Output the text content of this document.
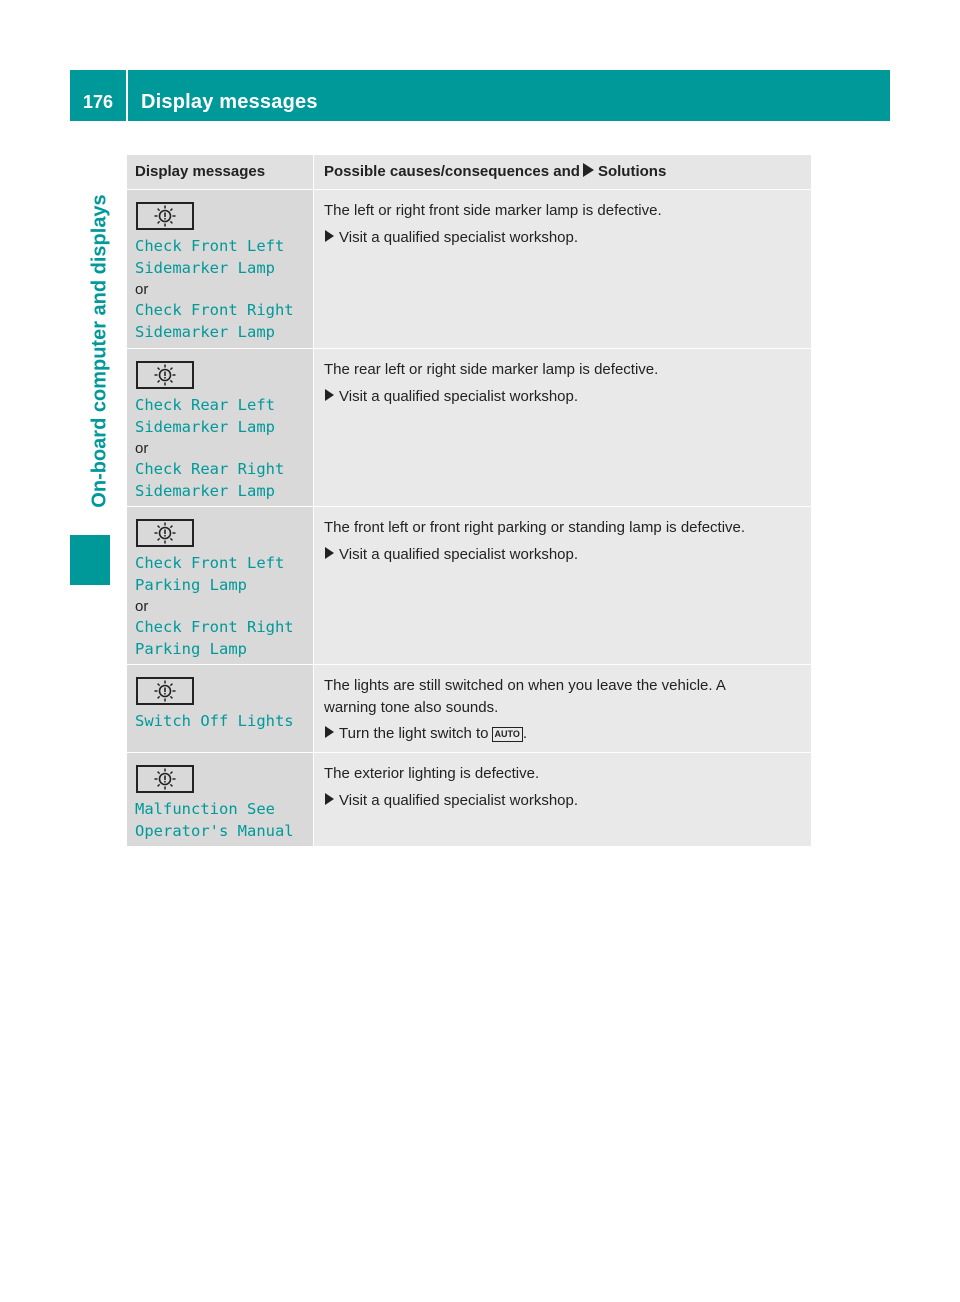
176	Display messages
On-board computer and displays
Display messages	Possible causes/consequences and Solutions
Check Front Left
Sidemarker Lamp
or
Check Front Right
Sidemarker Lamp

The left or right front side marker lamp is defective.

Visit a qualified specialist workshop.

Check Rear Left
Sidemarker Lamp
or
Check Rear Right
Sidemarker Lamp

The rear left or right side marker lamp is defective.

Visit a qualified specialist workshop.

Check Front Left
Parking Lamp
or
Check Front Right
Parking Lamp

The front left or front right parking or standing lamp is defective.

Visit a qualified specialist workshop.

Switch Off Lights

The lights are still switched on when you leave the vehicle. A
warning tone also sounds.

Turn the light switch to AUTO .

Malfunction See
Operator's Manual

The exterior lighting is defective.

Visit a qualified specialist workshop.
